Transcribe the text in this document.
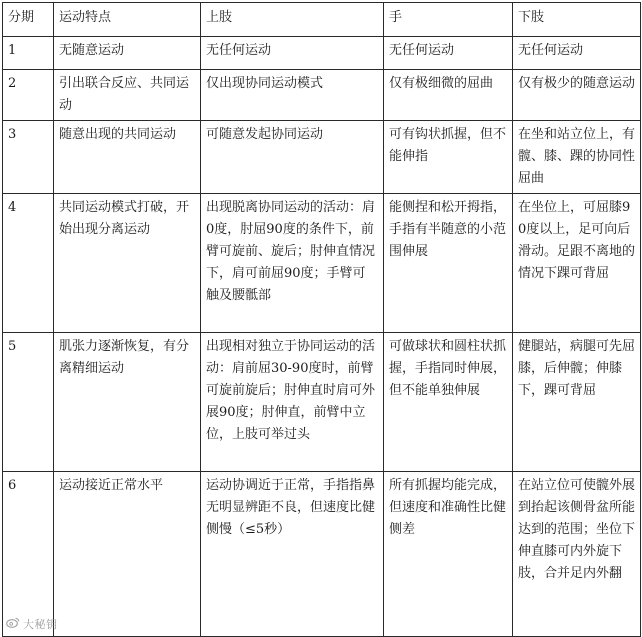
分期	运动特点	上肢	手	下肢
1	无随意运动	无任何运动	无任何运动	无任何运动
2	引出联合反应、共同运动	仅出现协同运动模式	仅有极细微的屈曲	仅有极少的随意运动
3	随意出现的共同运动	可随意发起协同运动	可有钩状抓握，但不能伸指	在坐和站立位上，有髋、膝、踝的协同性屈曲
4	共同运动模式打破，开始出现分离运动	出现脱离协同运动的活动：肩0度，肘屈90度的条件下，前臂可旋前、旋后；肘伸直情况下，肩可前屈90度；手臂可触及腰骶部	能侧捏和松开拇指，手指有半随意的小范围伸展	在坐位上，可屈膝90度以上，足可向后滑动。足跟不离地的情况下踝可背屈
5	肌张力逐渐恢复，有分离精细运动	出现相对独立于协同运动的活动：肩前屈30-90度时，前臂可旋前旋后；肘伸直时肩可外展90度；肘伸直，前臂中立位，上肢可举过头	可做球状和圆柱状抓握，手指同时伸展，但不能单独伸展	健腿站，病腿可先屈膝，后伸髋；伸膝下，踝可背屈
6	运动接近正常水平	运动协调近于正常，手指指鼻无明显辨距不良，但速度比健侧慢（≤5秒）	所有抓握均能完成，但速度和准确性比健侧差	在站立位可使髋外展到抬起该侧骨盆所能达到的范围；坐位下伸直膝可内外旋下肢，合并足内外翻
大秘钥
